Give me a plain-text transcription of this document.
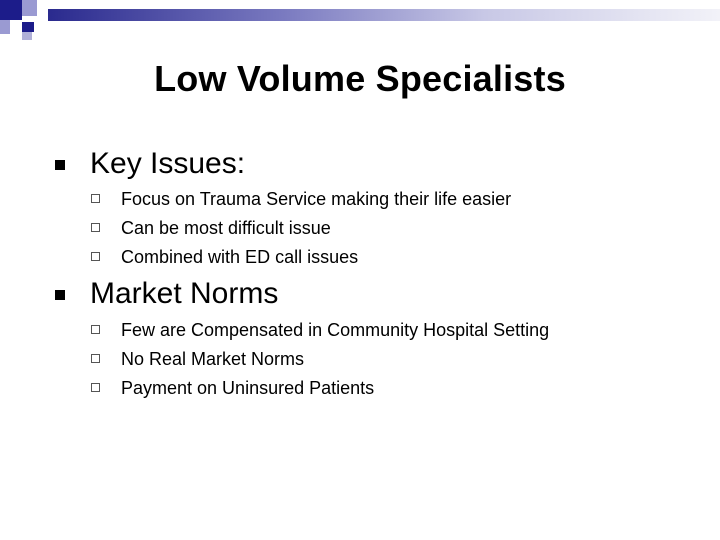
Low Volume Specialists
Key Issues:
Focus on Trauma Service making their life easier
Can be most difficult issue
Combined with ED call issues
Market Norms
Few are Compensated in Community Hospital Setting
No Real Market Norms
Payment on Uninsured Patients
